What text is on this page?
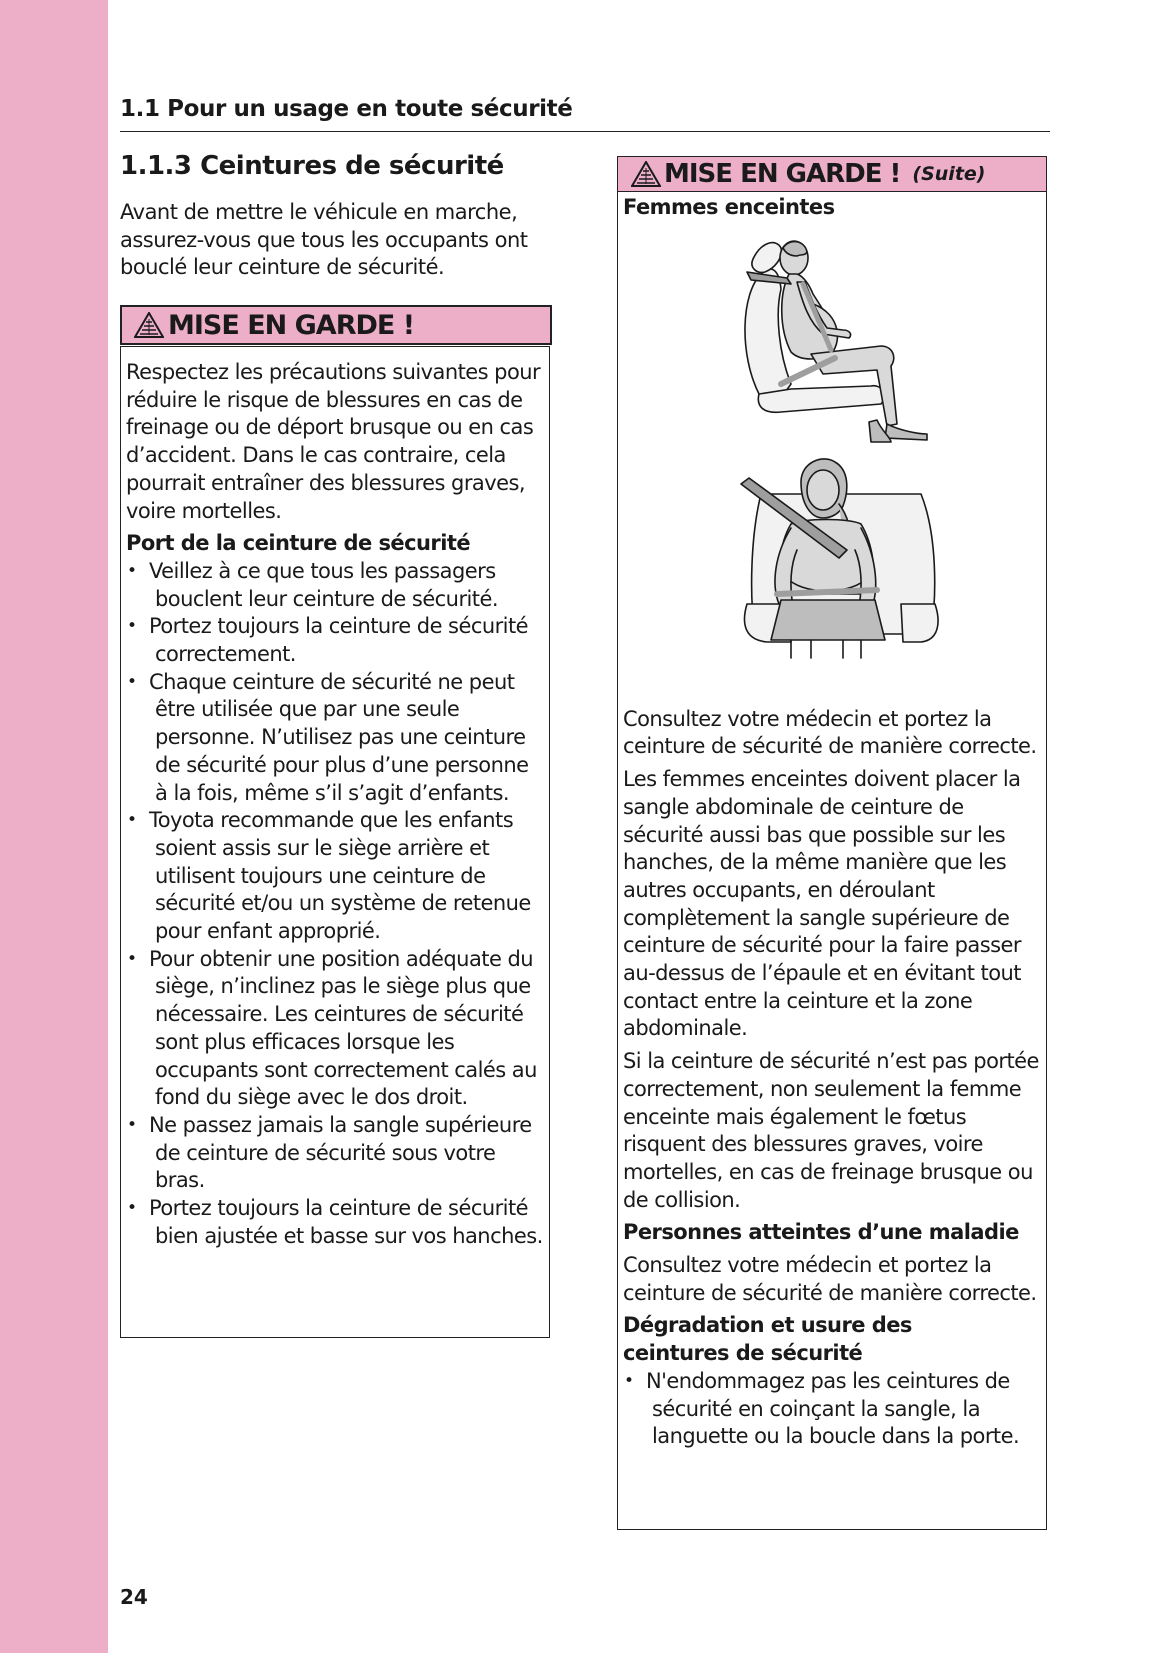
1.1 Pour un usage en toute sécurité
1.1.3 Ceintures de sécurité

Avant de mettre le véhicule en marche, assurez-vous que tous les occupants ont bouclé leur ceinture de sécurité.

MISE EN GARDE !

Respectez les précautions suivantes pour réduire le risque de blessures en cas de freinage ou de déport brusque ou en cas d’accident. Dans le cas contraire, cela pourrait entraîner des blessures graves, voire mortelles.

Port de la ceinture de sécurité

• Veillez à ce que tous les passagers bouclent leur ceinture de sécurité.
• Portez toujours la ceinture de sécurité correctement.
• Chaque ceinture de sécurité ne peut être utilisée que par une seule personne. N’utilisez pas une ceinture de sécurité pour plus d’une personne à la fois, même s’il s’agit d’enfants.
• Toyota recommande que les enfants soient assis sur le siège arrière et utilisent toujours une ceinture de sécurité et/ou un système de retenue pour enfant approprié.
• Pour obtenir une position adéquate du siège, n’inclinez pas le siège plus que nécessaire. Les ceintures de sécurité sont plus efficaces lorsque les occupants sont correctement calés au fond du siège avec le dos droit.
• Ne passez jamais la sangle supérieure de ceinture de sécurité sous votre bras.
• Portez toujours la ceinture de sécurité bien ajustée et basse sur vos hanches.
MISE EN GARDE ! (Suite)

Femmes enceintes

Consultez votre médecin et portez la ceinture de sécurité de manière correcte.

Les femmes enceintes doivent placer la sangle abdominale de ceinture de sécurité aussi bas que possible sur les hanches, de la même manière que les autres occupants, en déroulant complètement la sangle supérieure de ceinture de sécurité pour la faire passer au-dessus de l’épaule et en évitant tout contact entre la ceinture et la zone abdominale.

Si la ceinture de sécurité n’est pas portée correctement, non seulement la femme enceinte mais également le fœtus risquent des blessures graves, voire mortelles, en cas de freinage brusque ou de collision.

Personnes atteintes d’une maladie

Consultez votre médecin et portez la ceinture de sécurité de manière correcte.

Dégradation et usure des ceintures de sécurité

• N'endommagez pas les ceintures de sécurité en coinçant la sangle, la languette ou la boucle dans la porte.
24
